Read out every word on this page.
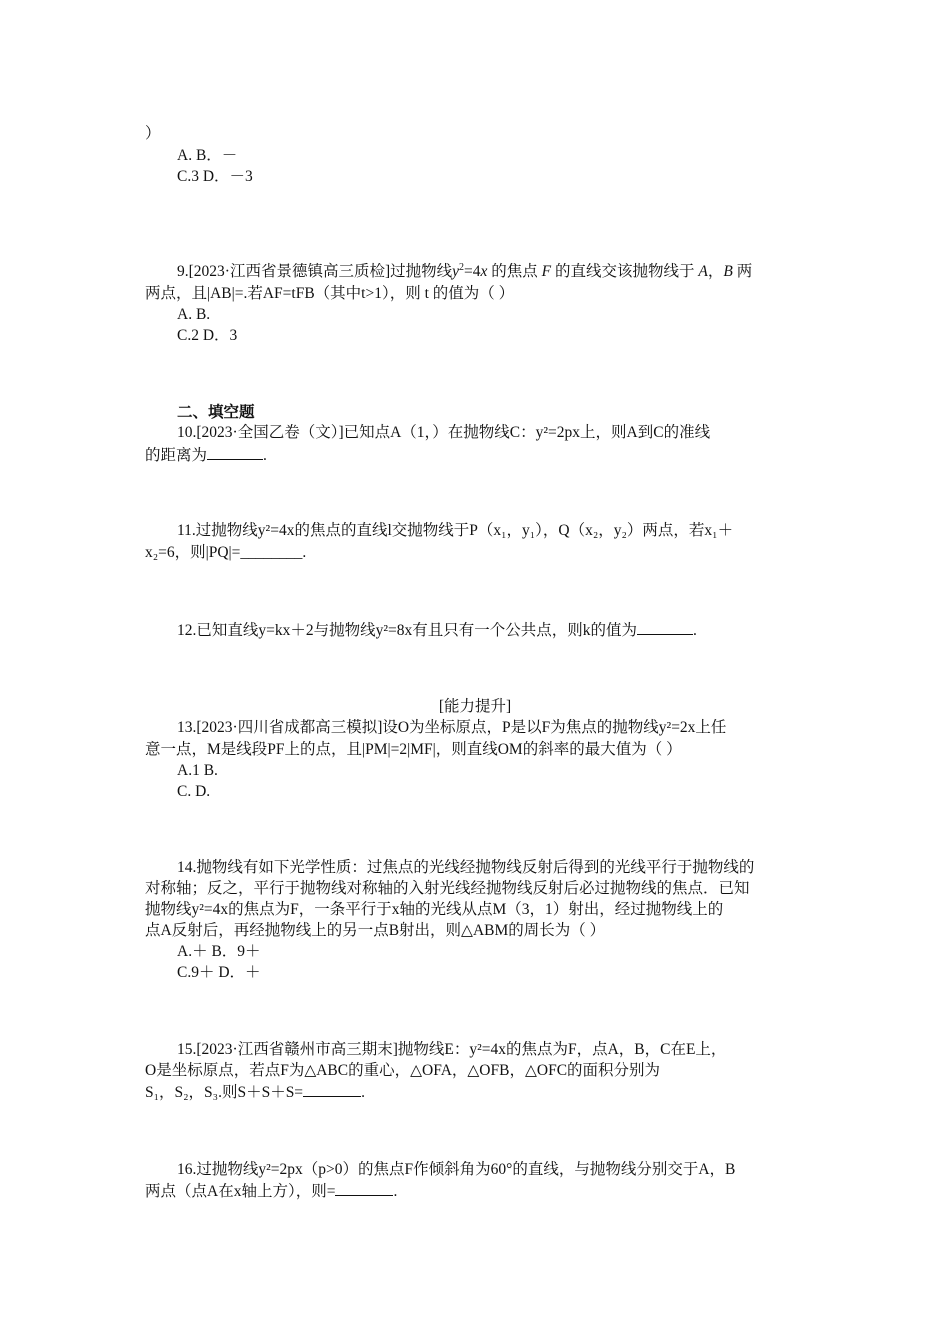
）
A. B．－
C.3 D．－3
9.[2023·江西省景德镇高三质检]过抛物线$y^2=4x$ 的焦点 F 的直线交该抛物线于 A，B 两
两点，且|AB|=.若AF=tFB（其中t>1），则 t 的值为（ ）
A. B.
C.2 D．3
二、填空题
10.[2023·全国乙卷（文）]已知点A（1，）在抛物线C：y²=2px上，则A到C的准线
的距离为	.
11.过抛物线y²=4x的焦点的直线l交抛物线于P（x₁，y₁），Q（x₂，y₂）两点，若x₁＋
x₂=6，则|PQ|=________.
12.已知直线y=kx＋2与抛物线y²=8x有且只有一个公共点，则k的值为	.
[能力提升]
13.[2023·四川省成都高三模拟]设O为坐标原点，P是以F为焦点的抛物线y²=2x上任
意一点，M是线段PF上的点，且|PM|=2|MF|，则直线OM的斜率的最大值为（ ）
A.1 B.
C. D.
14.抛物线有如下光学性质：过焦点的光线经抛物线反射后得到的光线平行于抛物线的
对称轴；反之，平行于抛物线对称轴的入射光线经抛物线反射后必过抛物线的焦点．已知
抛物线y²=4x的焦点为F，一条平行于x轴的光线从点M（3，1）射出，经过抛物线上的
点A反射后，再经抛物线上的另一点B射出，则△ABM的周长为（ ）
A.＋ B．9＋
C.9＋ D．＋
15.[2023·江西省赣州市高三期末]抛物线E：y²=4x的焦点为F，点A，B，C在E上，
O是坐标原点，若点F为△ABC的重心，△OFA，△OFB，△OFC的面积分别为
S₁，S₂，S₃.则S＋S＋S=	.
16.过抛物线y²=2px（p>0）的焦点F作倾斜角为60°的直线，与抛物线分别交于A，B
两点（点A在x轴上方），则=	.
